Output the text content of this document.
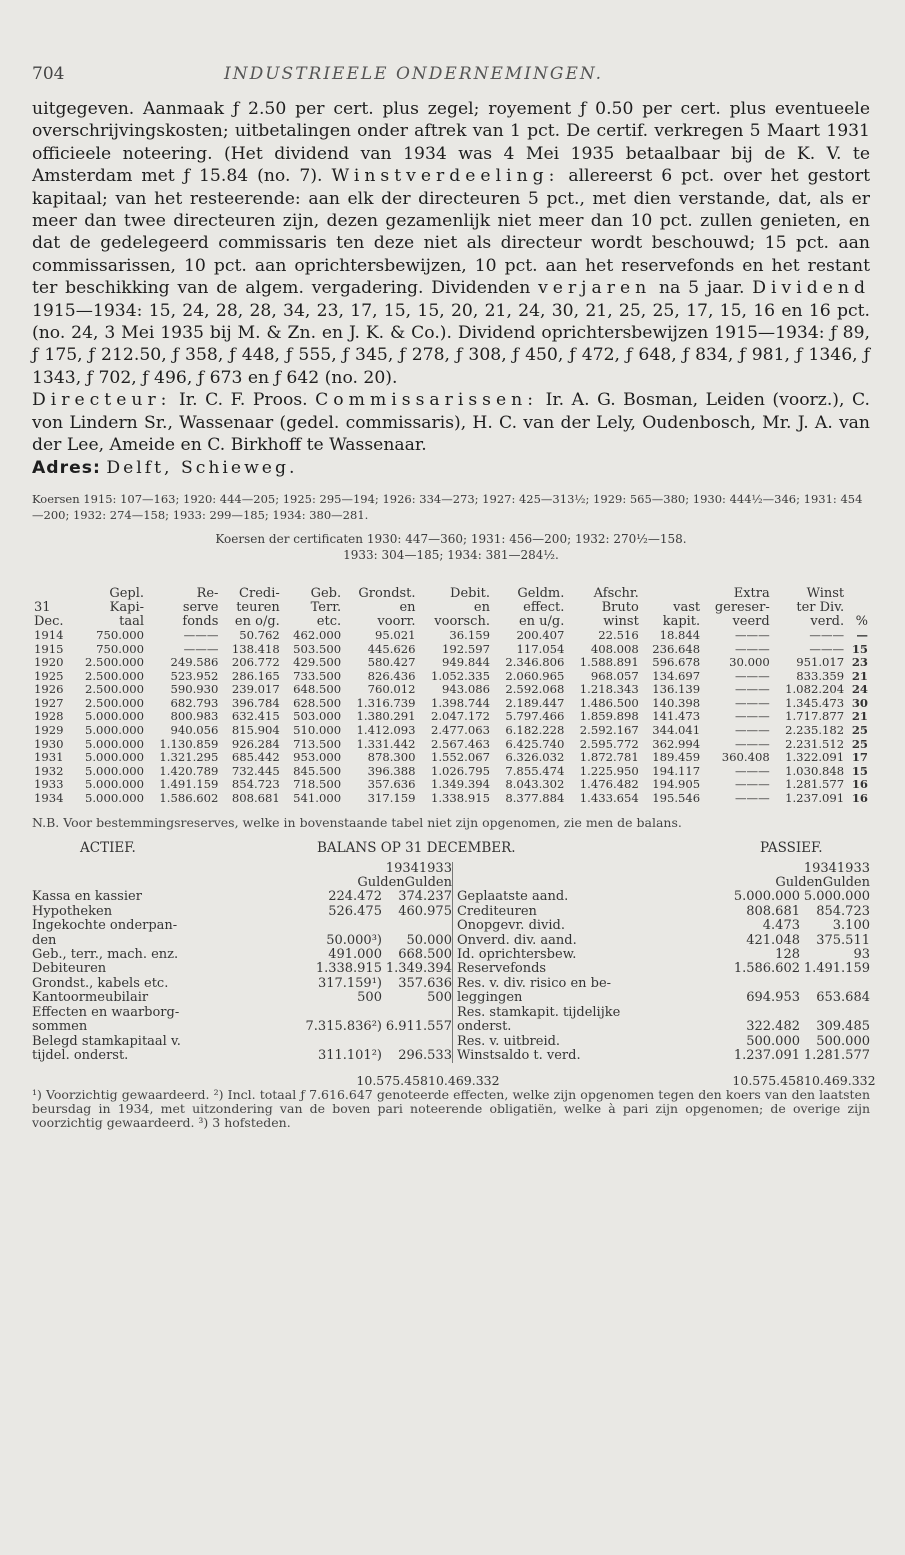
704	INDUSTRIEELE ONDERNEMINGEN.

uitgegeven. Aanmaak ƒ 2.50 per cert. plus zegel; royement ƒ 0.50 per cert. plus eventueele overschrijvingskosten; uitbetalingen onder aftrek van 1 pct. De certif. verkregen 5 Maart 1931 officieele noteering. (Het dividend van 1934 was 4 Mei 1935 betaalbaar bij de K. V. te Amsterdam met ƒ 15.84 (no. 7). Winstverdeeling: allereerst 6 pct. over het gestort kapitaal; van het resteerende: aan elk der directeuren 5 pct., met dien verstande, dat, als er meer dan twee directeuren zijn, dezen gezamenlijk niet meer dan 10 pct. zullen genieten, en dat de gedelegeerd commissaris ten deze niet als directeur wordt beschouwd; 15 pct. aan commissarissen, 10 pct. aan oprichtersbewijzen, 10 pct. aan het reservefonds en het restant ter beschikking van de algem. vergadering. Dividenden verjaren na 5 jaar. Dividend 1915—1934: 15, 24, 28, 28, 34, 23, 17, 15, 15, 20, 21, 24, 30, 21, 25, 25, 17, 15, 16 en 16 pct. (no. 24, 3 Mei 1935 bij M. & Zn. en J. K. & Co.). Dividend oprichtersbewijzen 1915—1934: ƒ 89, ƒ 175, ƒ 212.50, ƒ 358, ƒ 448, ƒ 555, ƒ 345, ƒ 278, ƒ 308, ƒ 450, ƒ 472, ƒ 648, ƒ 834, ƒ 981, ƒ 1346, ƒ 1343, ƒ 702, ƒ 496, ƒ 673 en ƒ 642 (no. 20).

Directeur: Ir. C. F. Proos. Commissarissen: Ir. A. G. Bosman, Leiden (voorz.), C. von Lindern Sr., Wassenaar (gedel. commissaris), H. C. van der Lely, Oudenbosch, Mr. J. A. van der Lee, Ameide en C. Birkhoff te Wassenaar.

Adres: Delft, Schieweg.

Koersen 1915: 107—163; 1920: 444—205; 1925: 295—194; 1926: 334—273; 1927: 425—313½; 1929: 565—380; 1930: 444½—346; 1931: 454—200; 1932: 274—158; 1933: 299—185; 1934: 380—281.
Koersen der certificaten 1930: 447—360; 1931: 456—200; 1932: 270½—158.
1933: 304—185; 1934: 381—284½.
	Gepl.	Re-	Credi-	Geb.	Grondst.	Debit.	Geldm.	Afschr.		Extra	Winst	
31	Kapi-	serve	teuren	Terr.	en	en	effect.	Bruto	vast	gereser-	ter Div.	
Dec.	taal	fonds	en o/g.	etc.	voorr.	voorsch.	en u/g.	winst	kapit.	veerd	verd.	%
1914	750.000	———	50.762	462.000	95.021	36.159	200.407	22.516	18.844	———	———	—
1915	750.000	———	138.418	503.500	445.626	192.597	117.054	408.008	236.648	———	———	15
1920	2.500.000	249.586	206.772	429.500	580.427	949.844	2.346.806	1.588.891	596.678	30.000	951.017	23
1925	2.500.000	523.952	286.165	733.500	826.436	1.052.335	2.060.965	968.057	134.697	———	833.359	21
1926	2.500.000	590.930	239.017	648.500	760.012	943.086	2.592.068	1.218.343	136.139	———	1.082.204	24
1927	2.500.000	682.793	396.784	628.500	1.316.739	1.398.744	2.189.447	1.486.500	140.398	———	1.345.473	30
1928	5.000.000	800.983	632.415	503.000	1.380.291	2.047.172	5.797.466	1.859.898	141.473	———	1.717.877	21
1929	5.000.000	940.056	815.904	510.000	1.412.093	2.477.063	6.182.228	2.592.167	344.041	———	2.235.182	25
1930	5.000.000	1.130.859	926.284	713.500	1.331.442	2.567.463	6.425.740	2.595.772	362.994	———	2.231.512	25
1931	5.000.000	1.321.295	685.442	953.000	878.300	1.552.067	6.326.032	1.872.781	189.459	360.408	1.322.091	17
1932	5.000.000	1.420.789	732.445	845.500	396.388	1.026.795	7.855.474	1.225.950	194.117	———	1.030.848	15
1933	5.000.000	1.491.159	854.723	718.500	357.636	1.349.394	8.043.302	1.476.482	194.905	———	1.281.577	16
1934	5.000.000	1.586.602	808.681	541.000	317.159	1.338.915	8.377.884	1.433.654	195.546	———	1.237.091	16
N.B. Voor bestemmingsreserves, welke in bovenstaande tabel niet zijn opgenomen, zie men de balans.
ACTIEF.	BALANS OP 31 DECEMBER.	PASSIEF.
1934 1933
Gulden Gulden
Kassa en kassier	224.472	374.237
Hypotheken	526.475	460.975
Ingekochte onderpan-
den	50.000³)	50.000
Geb., terr., mach. enz.	491.000	668.500
Debiteuren	1.338.915 1.349.394
Grondst., kabels etc.	317.159¹)	357.636
Kantoormeubilair	500	500
Effecten en waarborg-
sommen	7.315.836²) 6.911.557
Belegd stamkapitaal v.
tijdel. onderst.	311.101²)	296.533
1934 1933
Gulden Gulden
Geplaatste aand.	5.000.000 5.000.000
Crediteuren	808.681	854.723
Onopgevr. divid.	4.473	3.100
Onverd. div. aand.	421.048	375.511
Id. oprichtersbew.	128	93
Reservefonds	1.586.602 1.491.159
Res. v. div. risico en be-
leggingen	694.953	653.684
Res. stamkapit. tijdelijke
onderst.	322.482	309.485
Res. v. uitbreid.	500.000	500.000
Winstsaldo t. verd.	1.237.091 1.281.577
10.575.458 10.469.332	10.575.458 10.469.332
¹) Voorzichtig gewaardeerd. ²) Incl. totaal ƒ 7.616.647 genoteerde effecten, welke zijn opgenomen tegen den koers van den laatsten beursdag in 1934, met uitzondering van de boven pari noteerende obligatiën, welke à pari zijn opgenomen; de overige zijn voorzichtig gewaardeerd. ³) 3 hofsteden.
